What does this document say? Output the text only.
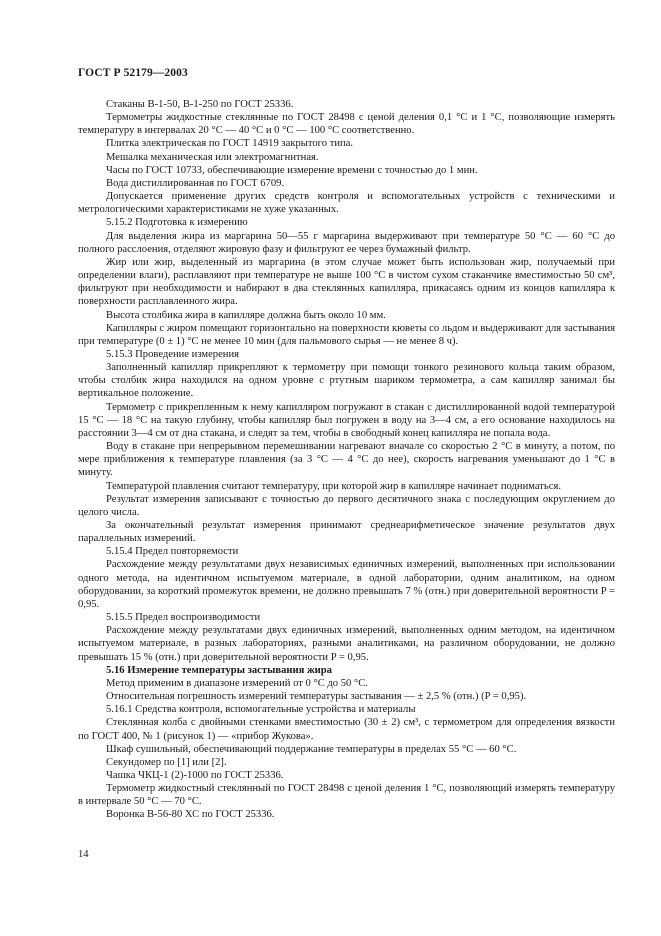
ГОСТ Р 52179—2003

Стаканы В-1-50, В-1-250 по ГОСТ 25336.

Термометры жидкостные стеклянные по ГОСТ 28498 с ценой деления 0,1 °С и 1 °С, позволяющие измерять температуру в интервалах 20 °С — 40 °С и 0 °С — 100 °С соответственно.

Плитка электрическая по ГОСТ 14919 закрытого типа.

Мешалка механическая или электромагнитная.

Часы по ГОСТ 10733, обеспечивающие измерение времени с точностью до 1 мин.

Вода дистиллированная по ГОСТ 6709.

Допускается применение других средств контроля и вспомогательных устройств с техническими и метрологическими характеристиками не хуже указанных.

5.15.2 Подготовка к измерению

Для выделения жира из маргарина 50—55 г маргарина выдерживают при температуре 50 °С — 60 °С до полного расслоения, отделяют жировую фазу и фильтруют ее через бумажный фильтр.

Жир или жир, выделенный из маргарина (в этом случае может быть использован жир, получаемый при определении влаги), расплавляют при температуре не выше 100 °С в чистом сухом стаканчике вместимостью 50 см³, фильтруют при необходимости и набирают в два стеклянных капилляра, прикасаясь одним из концов капилляра к поверхности расплавленного жира.

Высота столбика жира в капилляре должна быть около 10 мм.

Капилляры с жиром помещают горизонтально на поверхности кюветы со льдом и выдерживают для застывания при температуре (0 ± 1) °С не менее 10 мин (для пальмового сырья — не менее 8 ч).

5.15.3 Проведение измерения

Заполненный капилляр прикрепляют к термометру при помощи тонкого резинового кольца таким образом, чтобы столбик жира находился на одном уровне с ртутным шариком термометра, а сам капилляр занимал бы вертикальное положение.

Термометр с прикрепленным к нему капилляром погружают в стакан с дистиллированной водой температурой 15 °С — 18 °С на такую глубину, чтобы капилляр был погружен в воду на 3—4 см, а его основание находилось на расстоянии 3—4 см от дна стакана, и следят за тем, чтобы в свободный конец капилляра не попала вода.

Воду в стакане при непрерывном перемешивании нагревают вначале со скоростью 2 °С в минуту, а потом, по мере приближения к температуре плавления (за 3 °С — 4 °С до нее), скорость нагревания уменьшают до 1 °С в минуту.

Температурой плавления считают температуру, при которой жир в капилляре начинает подниматься.

Результат измерения записывают с точностью до первого десятичного знака с последующим округлением до целого числа.

За окончательный результат измерения принимают среднеарифметическое значение результатов двух параллельных измерений.

5.15.4 Предел повторяемости

Расхождение между результатами двух независимых единичных измерений, выполненных при использовании одного метода, на идентичном испытуемом материале, в одной лаборатории, одним аналитиком, на одном оборудовании, за короткий промежуток времени, не должно превышать 7 % (отн.) при доверительной вероятности P = 0,95.

5.15.5 Предел воспроизводимости

Расхождение между результатами двух единичных измерений, выполненных одним методом, на идентичном испытуемом материале, в разных лабораториях, разными аналитиками, на различном оборудовании, не должно превышать 15 % (отн.) при доверительной вероятности P = 0,95.

5.16 Измерение температуры застывания жира

Метод применим в диапазоне измерений от 0 °С до 50 °С.

Относительная погрешность измерений температуры застывания — ± 2,5 % (отн.) (P = 0,95).

5.16.1 Средства контроля, вспомогательные устройства и материалы

Стеклянная колба с двойными стенками вместимостью (30 ± 2) см³, с термометром для определения вязкости по ГОСТ 400, № 1 (рисунок 1) — «прибор Жукова».

Шкаф сушильный, обеспечивающий поддержание температуры в пределах 55 °С — 60 °С.

Секундомер по [1] или [2].

Чашка ЧКЦ-1 (2)-1000 по ГОСТ 25336.

Термометр жидкостный стеклянный по ГОСТ 28498 с ценой деления 1 °С, позволяющий измерять температуру в интервале 50 °С — 70 °С.

Воронка В-56-80 ХС по ГОСТ 25336.

14
